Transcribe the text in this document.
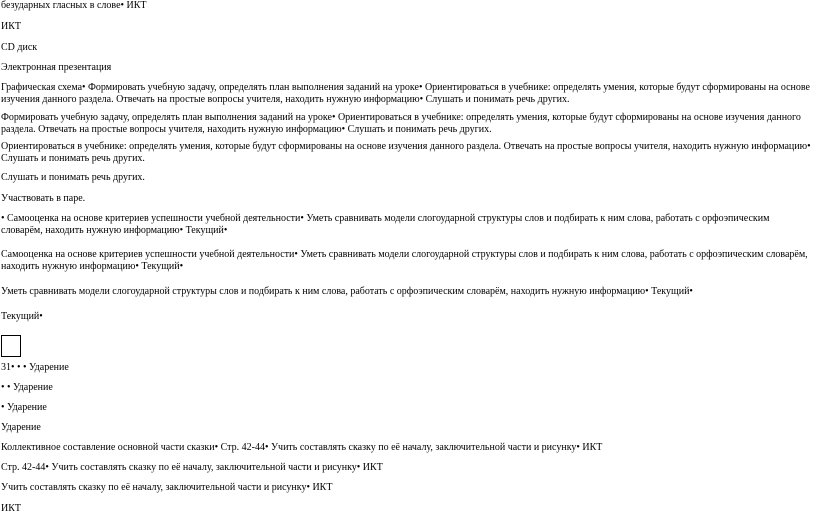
безударных гласных в слове• ИКТ
ИКТ
CD диск
Электронная презентация
Графическая схема• Формировать учебную задачу, определять план выполнения заданий на уроке• Ориентироваться в учебнике: определять умения, которые будут сформированы на основе изучения данного раздела. Отвечать на простые вопросы учителя, находить нужную информацию• Слушать и понимать речь других.
Формировать учебную задачу, определять план выполнения заданий на уроке• Ориентироваться в учебнике: определять умения, которые будут сформированы на основе изучения данного раздела. Отвечать на простые вопросы учителя, находить нужную информацию• Слушать и понимать речь других.
Ориентироваться в учебнике: определять умения, которые будут сформированы на основе изучения данного раздела. Отвечать на простые вопросы учителя, находить нужную информацию• Слушать и понимать речь других.
Слушать и понимать речь других.
Участвовать в паре.
• Самооценка на основе критериев успешности учебной деятельности• Уметь сравнивать модели слогоударной структуры слов и подбирать к ним слова, работать с орфоэпическим словарём, находить нужную информацию• Текущий•
Самооценка на основе критериев успешности учебной деятельности• Уметь сравнивать модели слогоударной структуры слов и подбирать к ним слова, работать с орфоэпическим словарём, находить нужную информацию• Текущий•
Уметь сравнивать модели слогоударной структуры слов и подбирать к ним слова, работать с орфоэпическим словарём, находить нужную информацию• Текущий•
Текущий•
31• • • Ударение
• • Ударение
• Ударение
Ударение
Коллективное составление основной части сказки• Стр. 42-44• Учить составлять сказку по её началу, заключительной части и рисунку• ИКТ
Стр. 42-44• Учить составлять сказку по её началу, заключительной части и рисунку• ИКТ
Учить составлять сказку по её началу, заключительной части и рисунку• ИКТ
ИКТ
